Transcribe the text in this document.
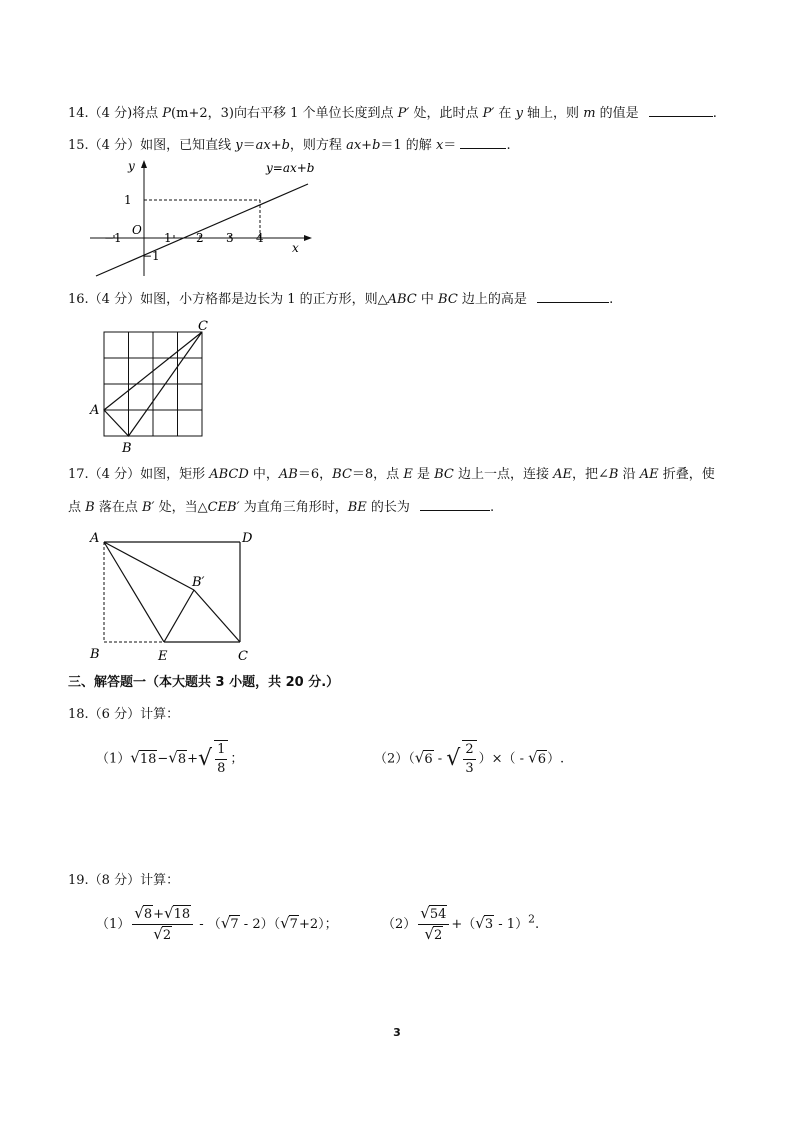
14.（4 分)将点 P(m+2，3)向右平移 1 个单位长度到点 P′ 处，此时点 P′ 在 y 轴上，则 m 的值是	.
15.（4 分）如图，已知直线 y＝ax+b，则方程 ax+b＝1 的解 x＝	.
y
x
O
y=ax+b
1
−1
−1	1 2 3 4
16.（4 分）如图，小方格都是边长为 1 的正方形，则△ABC 中 BC 边上的高是	.
A
B
C
17.（4 分）如图，矩形 ABCD 中，AB＝6，BC＝8，点 E 是 BC 边上一点，连接 AE，把∠B 沿 AE 折叠，使
点 B 落在点 B′ 处，当△CEB′ 为直角三角形时，BE 的长为	.
A	D
B	E	C
B′
三、解答题一（本大题共 3 小题，共 20 分.）
18.（6 分）计算：
$(1)√18-√8+√ \frac{1}{8}$ ；	（2）（√6 - √ $\frac{2}{3}$ ）×（ - √6）.
19.（8 分）计算：
$(1) \frac{√8+√18}{√2} - (√7 - 2)(√7+2)$；	$(2) \frac{√54}{√2} +(√3 - 1)^2$.
3
